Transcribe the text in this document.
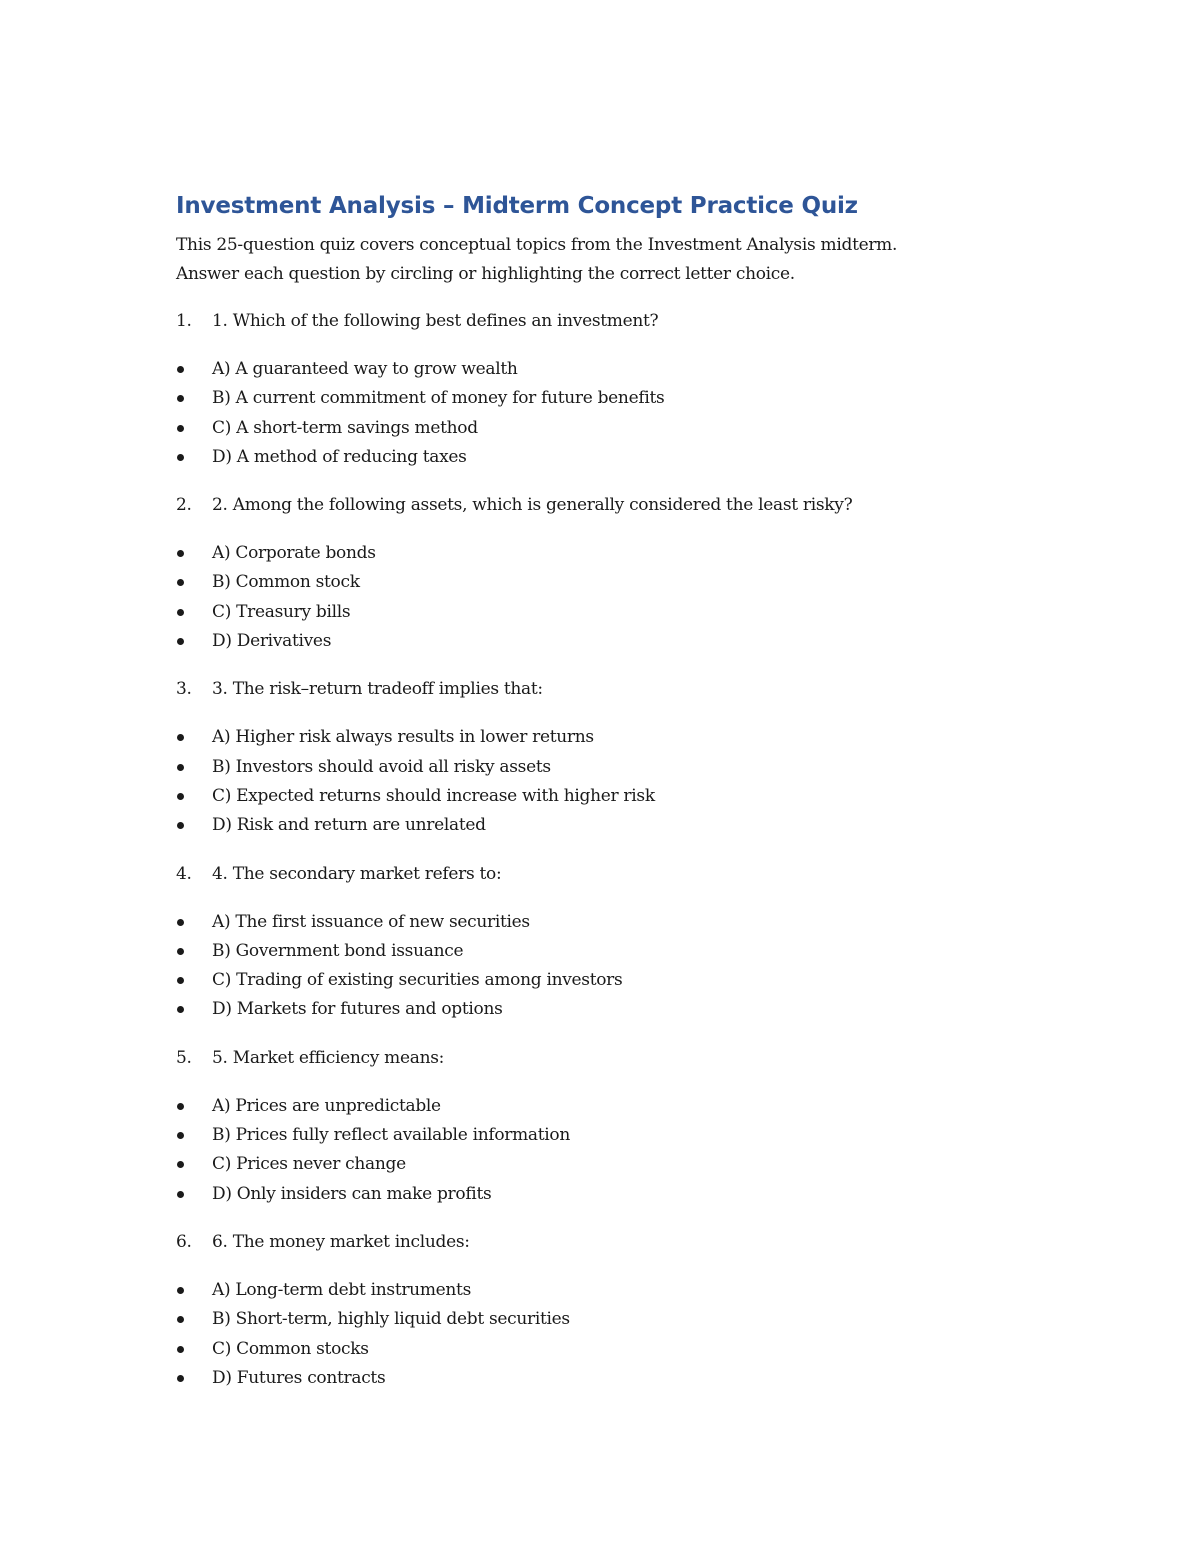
Investment Analysis – Midterm Concept Practice Quiz

This 25-question quiz covers conceptual topics from the Investment Analysis midterm.
Answer each question by circling or highlighting the correct letter choice.

1.	1. Which of the following best defines an investment?
A) A guaranteed way to grow wealth
B) A current commitment of money for future benefits
C) A short-term savings method
D) A method of reducing taxes
2.	2. Among the following assets, which is generally considered the least risky?
A) Corporate bonds
B) Common stock
C) Treasury bills
D) Derivatives
3.	3. The risk–return tradeoff implies that:
A) Higher risk always results in lower returns
B) Investors should avoid all risky assets
C) Expected returns should increase with higher risk
D) Risk and return are unrelated
4.	4. The secondary market refers to:
A) The first issuance of new securities
B) Government bond issuance
C) Trading of existing securities among investors
D) Markets for futures and options
5.	5. Market efficiency means:
A) Prices are unpredictable
B) Prices fully reflect available information
C) Prices never change
D) Only insiders can make profits
6.	6. The money market includes:
A) Long-term debt instruments
B) Short-term, highly liquid debt securities
C) Common stocks
D) Futures contracts
